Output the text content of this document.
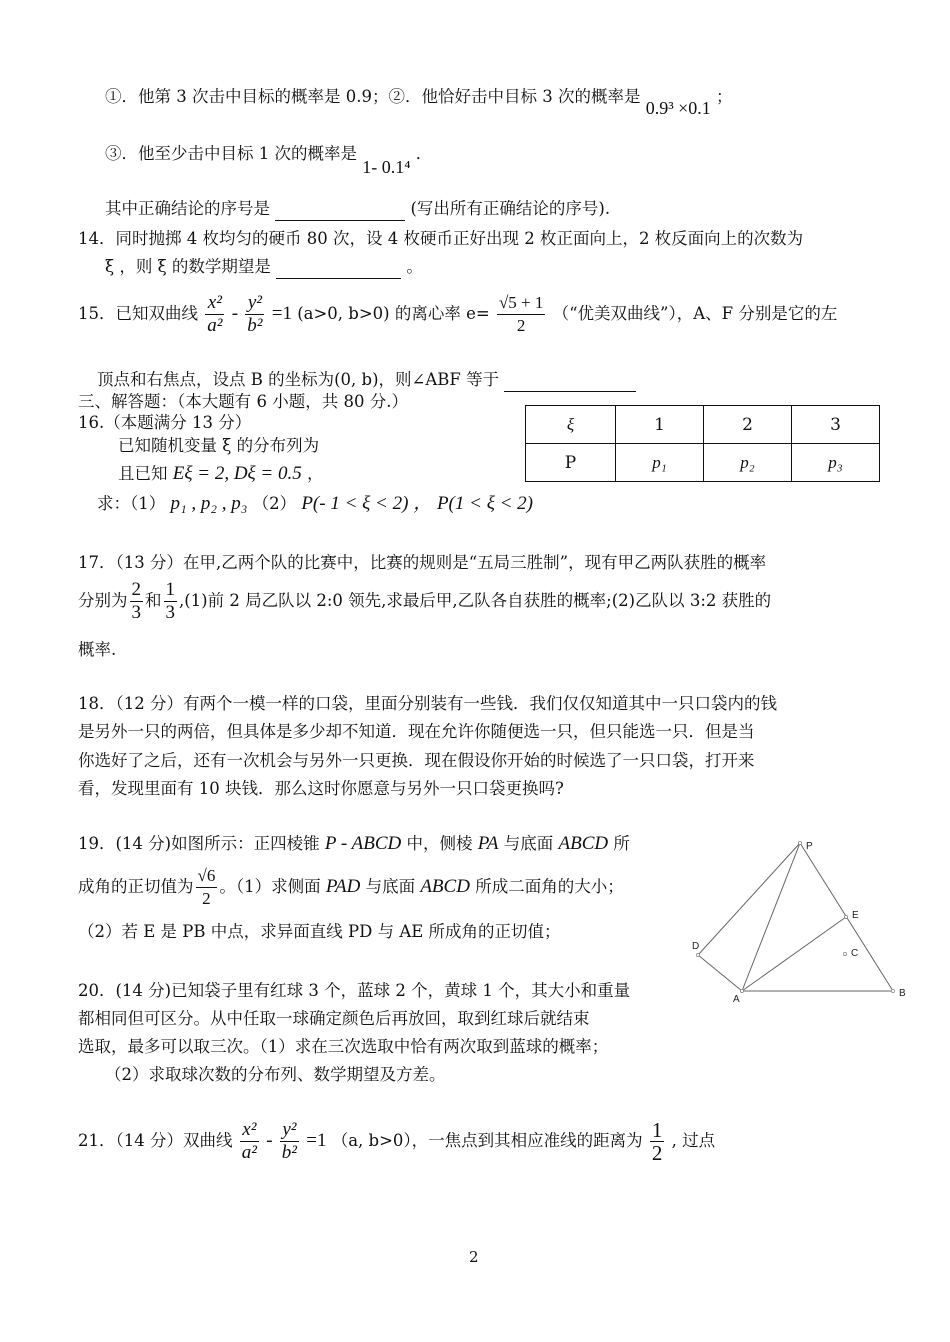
①．他第 3 次击中目标的概率是 0.9；②．他恰好击中目标 3 次的概率是 0.9³ ×0.1 ；
③．他至少击中目标 1 次的概率是 1- 0.1⁴ ．
其中正确结论的序号是	(写出所有正确结论的序号).
14．同时抛掷 4 枚均匀的硬币 80 次，设 4 枚硬币正好出现 2 枚正面向上，2 枚反面向上的次数为
ξ ，则 ξ 的数学期望是	。
15．已知双曲线 $\frac{\text{x²}}{\text{a²}} - \frac{\text{y²}}{\text{b²}} =1$ (a>0, b>0) 的离心率 $e= \frac{√5 + 1}{2}$ （“优美双曲线”），A、F 分别是它的左
顶点和右焦点，设点 B 的坐标为(0, b)，则∠ABF 等于
三、解答题：（本大题有 6 小题，共 80 分.）
16.（本题满分 13 分）
已知随机变量 ξ 的分布列为
且已知 Eξ = 2, Dξ = 0.5 ，
求：（1） p₁ , p₂ , p₃ （2） P(- 1 < ξ < 2) ， P(1 < ξ < 2)
ξ	1	2	3
P	p₁	p₂	p₃
17．（13 分）在甲,乙两个队的比赛中，比赛的规则是“五局三胜制”，现有甲乙两队获胜的概率
分别为 $\frac{2}{3}$ 和 $\frac{1}{3} ,(1)$前 2 局乙队以 2:0 领先,求最后甲,乙队各自获胜的概率;(2)乙队以 3:2 获胜的
概率.
18．（12 分）有两个一模一样的口袋，里面分别装有一些钱．我们仅仅知道其中一只口袋内的钱
是另外一只的两倍，但具体是多少却不知道．现在允许你随便选一只，但只能选一只．但是当
你选好了之后，还有一次机会与另外一只更换．现在假设你开始的时候选了一只口袋，打开来
看，发现里面有 10 块钱．那么这时你愿意与另外一只口袋更换吗?
19．(14 分)如图所示：正四棱锥 P - ABCD 中，侧棱 PA 与底面 ABCD 所
成角的正切值为 $\frac{√6}{2}$ 。（1）求侧面 PAD 与底面 ABCD 所成二面角的大小；
（2）若 E 是 PB 中点，求异面直线 PD 与 AE 所成角的正切值；
P
E
D
C
A
B
20．(14 分)已知袋子里有红球 3 个，蓝球 2 个，黄球 1 个，其大小和重量
都相同但可区分。从中任取一球确定颜色后再放回，取到红球后就结束
选取，最多可以取三次。（1）求在三次选取中恰有两次取到蓝球的概率；
（2）求取球次数的分布列、数学期望及方差。
21．（14 分）双曲线 $\frac{\text{x²}}{\text{a²}} - \frac{\text{y²}}{\text{b²}} =1$ （a, b>0），一焦点到其相应准线的距离为 $\frac{1}{2}$ , 过点
2
